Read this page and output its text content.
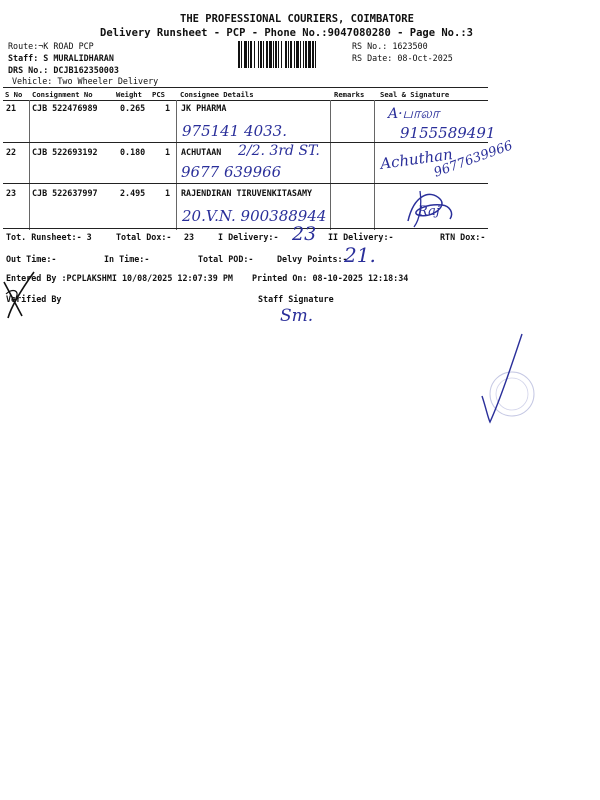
THE PROFESSIONAL COURIERS, COIMBATORE
Delivery Runsheet - PCP - Phone No.:9047080280 - Page No.:3
Route:¬K ROAD PCP
Staff: S MURALIDHARAN
DRS No.: DCJB162350003
Vehicle: Two Wheeler Delivery
RS No.: 1623500
RS Date: 08-Oct-2025
S No Consignment No	Weight PCS Consignee Details	Remarks Seal & Signature
21 CJB 522476989	0.265 1 JK PHARMA
975141 4033.
A·பாலா
9155589491
22 CJB 522693192	0.180 1 ACHUTAAN 2/2. 3rd ST.
9677 639966	Achuthan
9677639966
23 CJB 522637997	2.495 1 RAJENDIRAN TIRUVENKITASAMY
20.V.N. 900388944	Raj
Tot. Runsheet:- 3	Total Dox:- 23	I Delivery:- 23 II Delivery:-	RTN Dox:-
Out Time:-	In Time:-	Total POD:-	Delvy Points:-
21.
Entered By :PCPLAKSHMI 10/08/2025 12:07:39 PM Printed On: 08-10-2025 12:18:34
Verified By	Staff Signature
Sm.
